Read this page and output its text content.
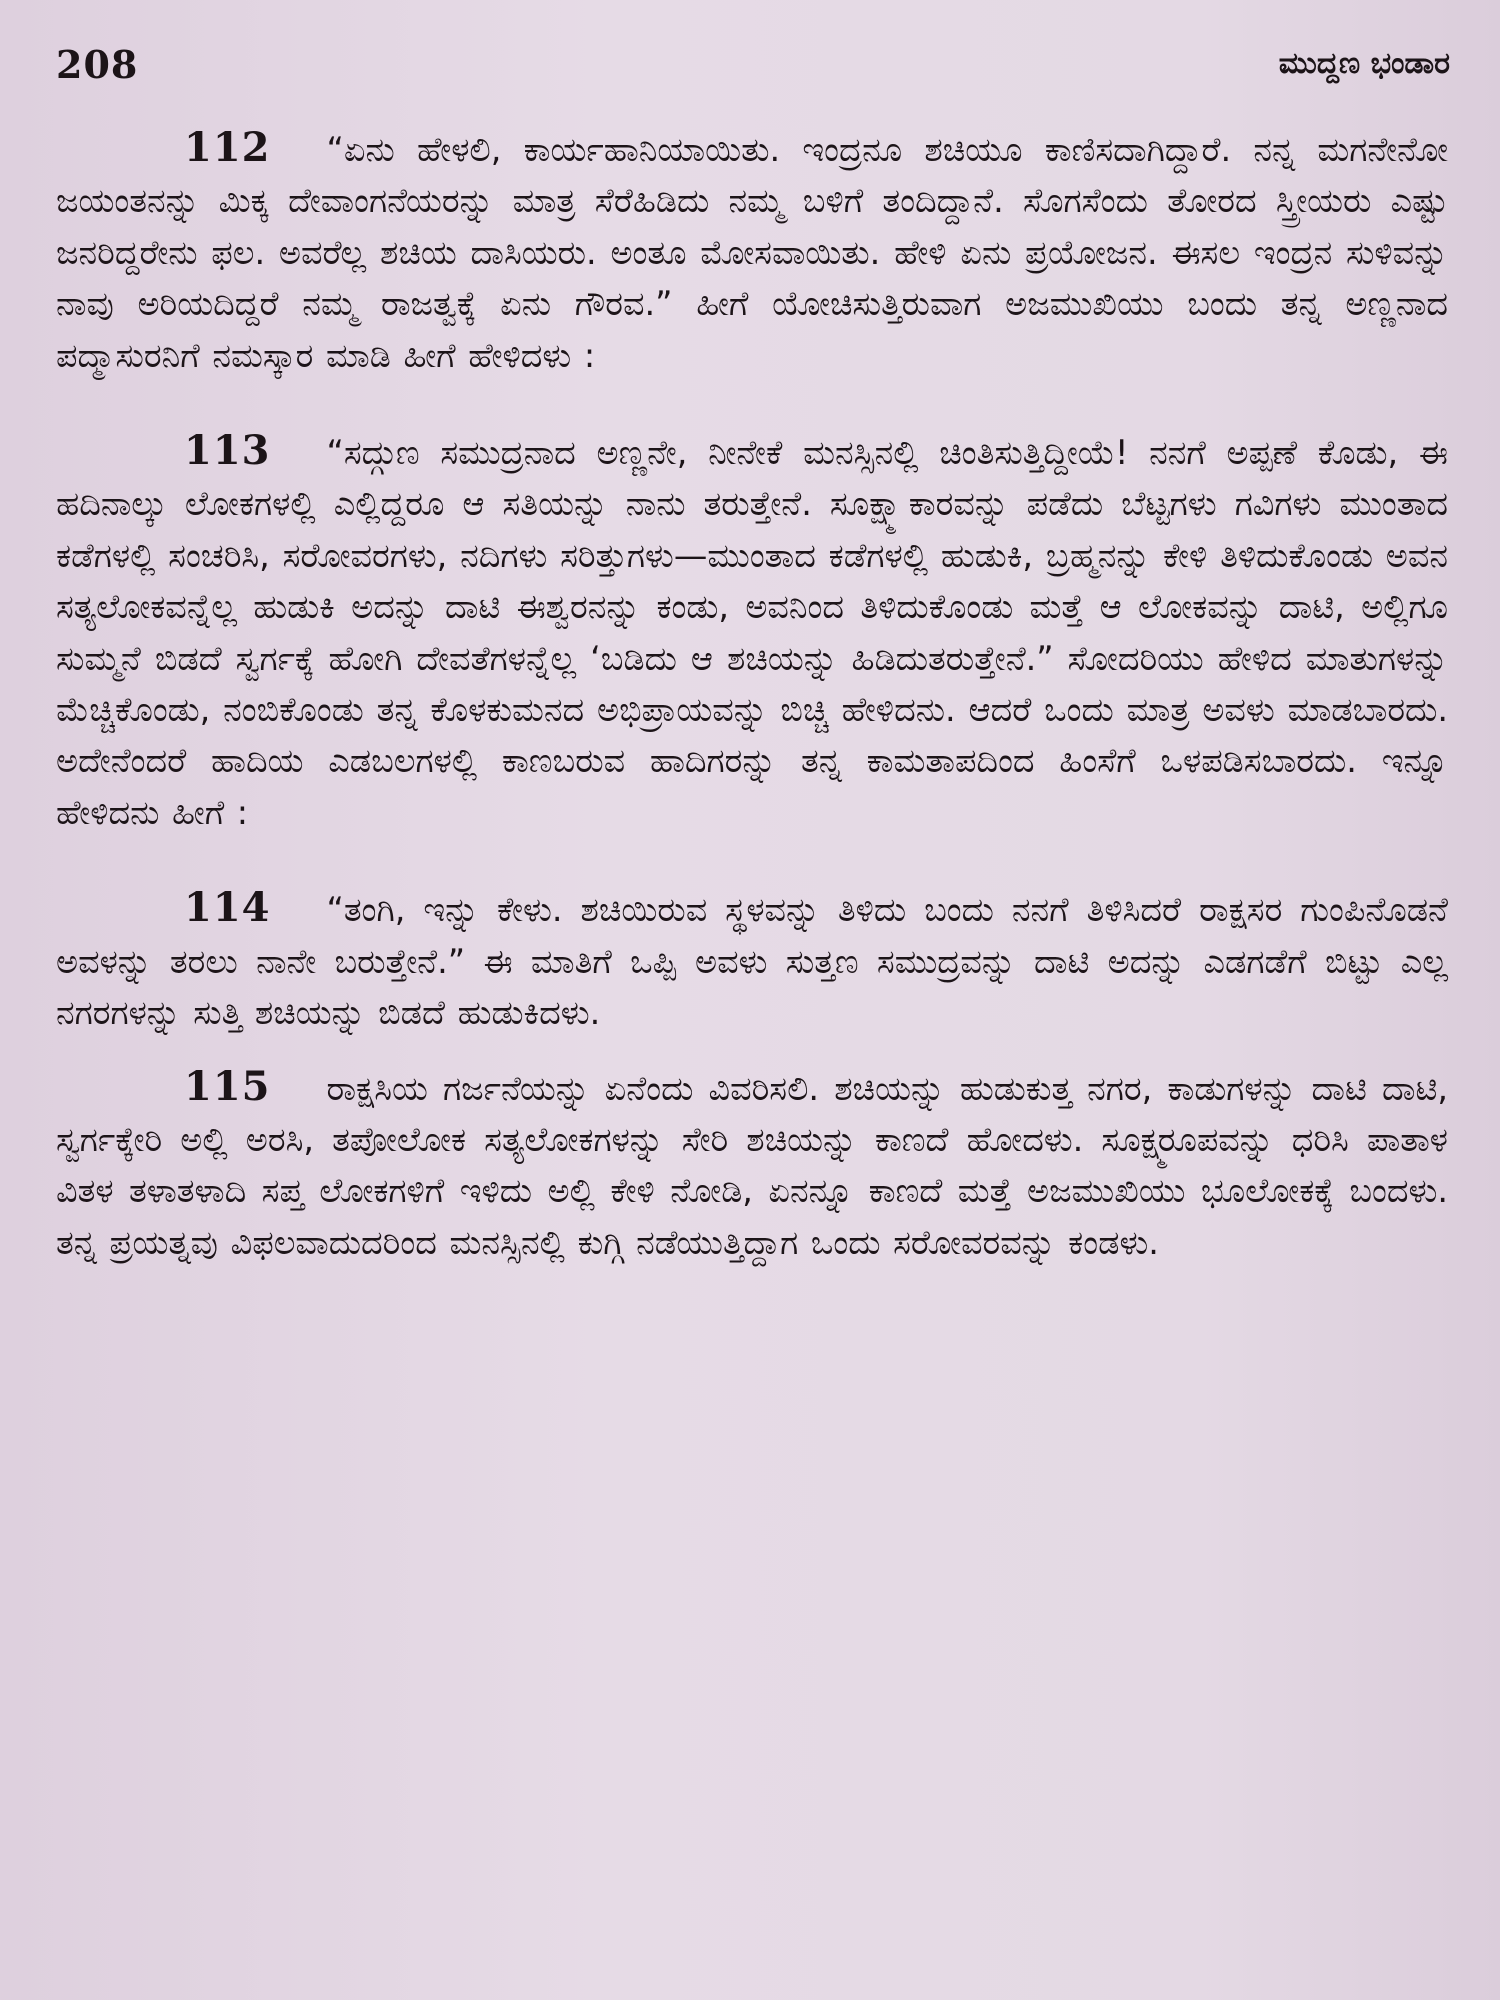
208	ಮುದ್ದಣ ಭಂಡಾರ

112 “ಏನು ಹೇಳಲಿ, ಕಾರ್ಯಹಾನಿಯಾಯಿತು. ಇಂದ್ರನೂ ಶಚಿಯೂ ಕಾಣಿಸದಾಗಿದ್ದಾರೆ. ನನ್ನ ಮಗನೇನೋ ಜಯಂತನನ್ನು ಮಿಕ್ಕ ದೇವಾಂಗನೆಯರನ್ನು ಮಾತ್ರ ಸೆರೆಹಿಡಿದು ನಮ್ಮ ಬಳಿಗೆ ತಂದಿದ್ದಾನೆ. ಸೊಗಸೆಂದು ತೋರದ ಸ್ತ್ರೀಯರು ಎಷ್ಟು ಜನರಿದ್ದರೇನು ಫಲ. ಅವರೆಲ್ಲ ಶಚಿಯ ದಾಸಿಯರು. ಅಂತೂ ಮೋಸವಾಯಿತು. ಹೇಳಿ ಏನು ಪ್ರಯೋಜನ. ಈಸಲ ಇಂದ್ರನ ಸುಳಿವನ್ನು ನಾವು ಅರಿಯದಿದ್ದರೆ ನಮ್ಮ ರಾಜತ್ವಕ್ಕೆ ಏನು ಗೌರವ.” ಹೀಗೆ ಯೋಚಿಸುತ್ತಿರುವಾಗ ಅಜಮುಖಿಯು ಬಂದು ತನ್ನ ಅಣ್ಣನಾದ ಪದ್ಮಾಸುರನಿಗೆ ನಮಸ್ಕಾರ ಮಾಡಿ ಹೀಗೆ ಹೇಳಿದಳು :

113 “ಸದ್ಗುಣ ಸಮುದ್ರನಾದ ಅಣ್ಣನೇ, ನೀನೇಕೆ ಮನಸ್ಸಿನಲ್ಲಿ ಚಿಂತಿಸುತ್ತಿದ್ದೀಯೆ! ನನಗೆ ಅಪ್ಪಣೆ ಕೊಡು, ಈ ಹದಿನಾಲ್ಕು ಲೋಕಗಳಲ್ಲಿ ಎಲ್ಲಿದ್ದರೂ ಆ ಸತಿಯನ್ನು ನಾನು ತರುತ್ತೇನೆ. ಸೂಕ್ಷ್ಮಾಕಾರವನ್ನು ಪಡೆದು ಬೆಟ್ಟಗಳು ಗವಿಗಳು ಮುಂತಾದ ಕಡೆಗಳಲ್ಲಿ ಸಂಚರಿಸಿ, ಸರೋವರಗಳು, ನದಿಗಳು ಸರಿತ್ತುಗಳು—ಮುಂತಾದ ಕಡೆಗಳಲ್ಲಿ ಹುಡುಕಿ, ಬ್ರಹ್ಮನನ್ನು ಕೇಳಿ ತಿಳಿದುಕೊಂಡು ಅವನ ಸತ್ಯಲೋಕವನ್ನೆಲ್ಲ ಹುಡುಕಿ ಅದನ್ನು ದಾಟಿ ಈಶ್ವರನನ್ನು ಕಂಡು, ಅವನಿಂದ ತಿಳಿದುಕೊಂಡು ಮತ್ತೆ ಆ ಲೋಕವನ್ನು ದಾಟಿ, ಅಲ್ಲಿಗೂ ಸುಮ್ಮನೆ ಬಿಡದೆ ಸ್ವರ್ಗಕ್ಕೆ ಹೋಗಿ ದೇವತೆಗಳನ್ನೆಲ್ಲ ‘ಬಡಿದು ಆ ಶಚಿಯನ್ನು ಹಿಡಿದುತರುತ್ತೇನೆ.” ಸೋದರಿಯು ಹೇಳಿದ ಮಾತುಗಳನ್ನು ಮೆಚ್ಚಿಕೊಂಡು, ನಂಬಿಕೊಂಡು ತನ್ನ ಕೊಳಕುಮನದ ಅಭಿಪ್ರಾಯವನ್ನು ಬಿಚ್ಚಿ ಹೇಳಿದನು. ಆದರೆ ಒಂದು ಮಾತ್ರ ಅವಳು ಮಾಡಬಾರದು. ಅದೇನೆಂದರೆ ಹಾದಿಯ ಎಡಬಲಗಳಲ್ಲಿ ಕಾಣಬರುವ ಹಾದಿಗರನ್ನು ತನ್ನ ಕಾಮತಾಪದಿಂದ ಹಿಂಸೆಗೆ ಒಳಪಡಿಸಬಾರದು. ಇನ್ನೂ ಹೇಳಿದನು ಹೀಗೆ :

114 “ತಂಗಿ, ಇನ್ನು ಕೇಳು. ಶಚಿಯಿರುವ ಸ್ಥಳವನ್ನು ತಿಳಿದು ಬಂದು ನನಗೆ ತಿಳಿಸಿದರೆ ರಾಕ್ಷಸರ ಗುಂಪಿನೊಡನೆ ಅವಳನ್ನು ತರಲು ನಾನೇ ಬರುತ್ತೇನೆ.” ಈ ಮಾತಿಗೆ ಒಪ್ಪಿ ಅವಳು ಸುತ್ತಣ ಸಮುದ್ರವನ್ನು ದಾಟಿ ಅದನ್ನು ಎಡಗಡೆಗೆ ಬಿಟ್ಟು ಎಲ್ಲ ನಗರಗಳನ್ನು ಸುತ್ತಿ ಶಚಿಯನ್ನು ಬಿಡದೆ ಹುಡುಕಿದಳು.

115 ರಾಕ್ಷಸಿಯ ಗರ್ಜನೆಯನ್ನು ಏನೆಂದು ವಿವರಿಸಲಿ. ಶಚಿಯನ್ನು ಹುಡುಕುತ್ತ ನಗರ, ಕಾಡುಗಳನ್ನು ದಾಟಿ ದಾಟಿ, ಸ್ವರ್ಗಕ್ಕೇರಿ ಅಲ್ಲಿ ಅರಸಿ, ತಪೋಲೋಕ ಸತ್ಯಲೋಕಗಳನ್ನು ಸೇರಿ ಶಚಿಯನ್ನು ಕಾಣದೆ ಹೋದಳು. ಸೂಕ್ಷ್ಮರೂಪವನ್ನು ಧರಿಸಿ ಪಾತಾಳ ವಿತಳ ತಳಾತಳಾದಿ ಸಪ್ತ ಲೋಕಗಳಿಗೆ ಇಳಿದು ಅಲ್ಲಿ ಕೇಳಿ ನೋಡಿ, ಏನನ್ನೂ ಕಾಣದೆ ಮತ್ತೆ ಅಜಮುಖಿಯು ಭೂಲೋಕಕ್ಕೆ ಬಂದಳು. ತನ್ನ ಪ್ರಯತ್ನವು ವಿಫಲವಾದುದರಿಂದ ಮನಸ್ಸಿನಲ್ಲಿ ಕುಗ್ಗಿ ನಡೆಯುತ್ತಿದ್ದಾಗ ಒಂದು ಸರೋವರವನ್ನು ಕಂಡಳು.
